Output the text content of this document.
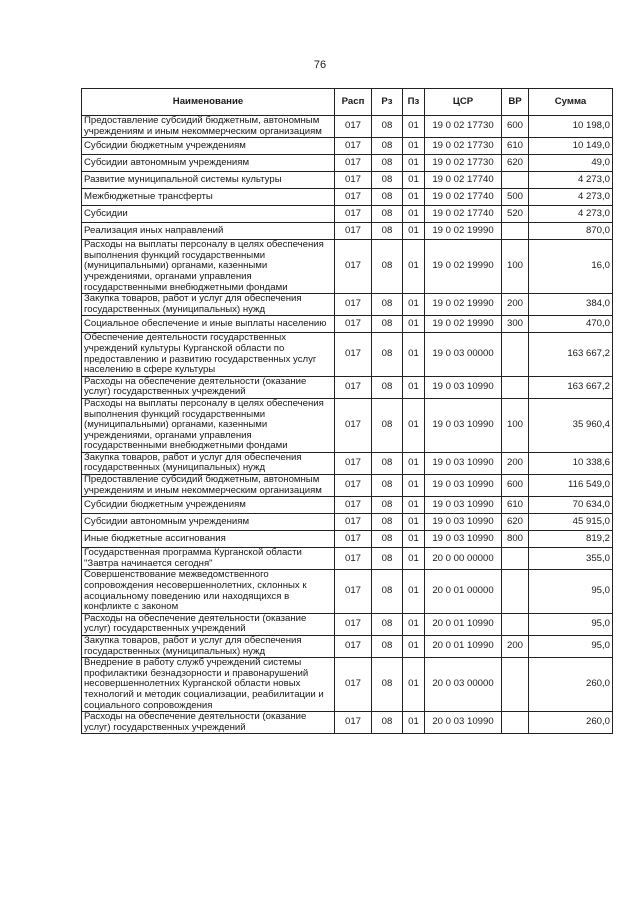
76
Наименование	Расп	Рз	Пз	ЦСР	ВР	Сумма
Предоставление субсидий бюджетным, автономным учреждениям и иным некоммерческим организациям	017	08	01	19 0 02 17730	600	10 198,0
Субсидии бюджетным учреждениям	017	08	01	19 0 02 17730	610	10 149,0
Субсидии автономным учреждениям	017	08	01	19 0 02 17730	620	49,0
Развитие муниципальной системы культуры	017	08	01	19 0 02 17740		4 273,0
Межбюджетные трансферты	017	08	01	19 0 02 17740	500	4 273,0
Субсидии	017	08	01	19 0 02 17740	520	4 273,0
Реализация иных направлений	017	08	01	19 0 02 19990		870,0
Расходы на выплаты персоналу в целях обеспечения выполнения функций государственными (муниципальными) органами, казенными учреждениями, органами управления государственными внебюджетными фондами	017	08	01	19 0 02 19990	100	16,0
Закупка товаров, работ и услуг для обеспечения государственных (муниципальных) нужд	017	08	01	19 0 02 19990	200	384,0
Социальное обеспечение и иные выплаты населению	017	08	01	19 0 02 19990	300	470,0
Обеспечение деятельности государственных учреждений культуры Курганской области по предоставлению и развитию государственных услуг населению в сфере культуры	017	08	01	19 0 03 00000		163 667,2
Расходы на обеспечение деятельности (оказание услуг) государственных учреждений	017	08	01	19 0 03 10990		163 667,2
Расходы на выплаты персоналу в целях обеспечения выполнения функций государственными (муниципальными) органами, казенными учреждениями, органами управления государственными внебюджетными фондами	017	08	01	19 0 03 10990	100	35 960,4
Закупка товаров, работ и услуг для обеспечения государственных (муниципальных) нужд	017	08	01	19 0 03 10990	200	10 338,6
Предоставление субсидий бюджетным, автономным учреждениям и иным некоммерческим организациям	017	08	01	19 0 03 10990	600	116 549,0
Субсидии бюджетным учреждениям	017	08	01	19 0 03 10990	610	70 634,0
Субсидии автономным учреждениям	017	08	01	19 0 03 10990	620	45 915,0
Иные бюджетные ассигнования	017	08	01	19 0 03 10990	800	819,2
Государственная программа Курганской области "Завтра начинается сегодня"	017	08	01	20 0 00 00000		355,0
Совершенствование межведомственного сопровождения несовершеннолетних, склонных к асоциальному поведению или находящихся в конфликте с законом	017	08	01	20 0 01 00000		95,0
Расходы на обеспечение деятельности (оказание услуг) государственных учреждений	017	08	01	20 0 01 10990		95,0
Закупка товаров, работ и услуг для обеспечения государственных (муниципальных) нужд	017	08	01	20 0 01 10990	200	95,0
Внедрение в работу служб учреждений системы профилактики безнадзорности и правонарушений несовершеннолетних Курганской области новых технологий и методик социализации, реабилитации и социального сопровождения	017	08	01	20 0 03 00000		260,0
Расходы на обеспечение деятельности (оказание услуг) государственных учреждений	017	08	01	20 0 03 10990		260,0
